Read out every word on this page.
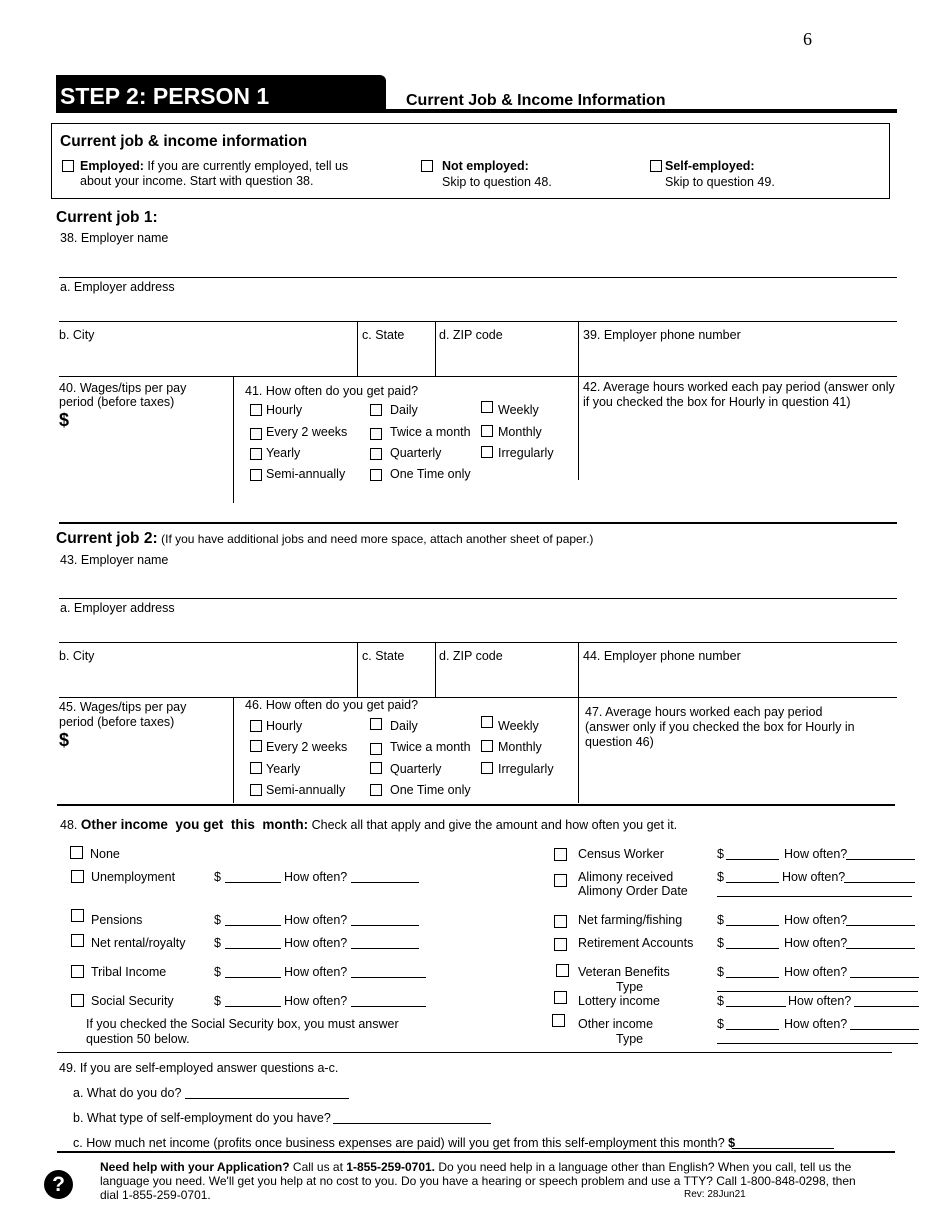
6
STEP 2: PERSON 1	Current Job & Income Information
Current job & income information
Employed: If you are currently employed, tell us
about your income. Start with question 38.
Not employed:
Skip to question 48.
Self-employed:
Skip to question 49.
Current job 1:
38. Employer name
a. Employer address
b. City	c. State	d. ZIP code	39. Employer phone number
40. Wages/tips per pay
period (before taxes)
$
41. How often do you get paid?
Hourly
Every 2 weeks
Yearly
Semi-annually
Daily
Twice a month
Quarterly
One Time only
Weekly
Monthly
Irregularly
42. Average hours worked each pay period (answer only
if you checked the box for Hourly in question 41)
Current job 2: (If you have additional jobs and need more space, attach another sheet of paper.)
43. Employer name
a. Employer address
b. City	c. State	d. ZIP code	44. Employer phone number
45. Wages/tips per pay
period (before taxes)
$
46. How often do you get paid?
Hourly
Every 2 weeks
Yearly
Semi-annually
Daily
Twice a month
Quarterly
One Time only
Weekly
Monthly
Irregularly
47. Average hours worked each pay period
(answer only if you checked the box for Hourly in
question 46)
48. Other income  you get  this  month: Check all that apply and give the amount and how often you get it.
None
Unemployment	$	How often?
Pensions	$	How often?
Net rental/royalty $	How often?
Tribal Income	$	How often?
Social Security	$	How often?
If you checked the Social Security box, you must answer
question 50 below.
Census Worker	$	How often?
Alimony received
Alimony Order Date
$	How often?
Net farming/fishing	$	How often?
Retirement Accounts $	How often?
Veteran Benefits
Type
$	How often?
Lottery income	$	How often?
Other income
Type
$	How often?
49. If you are self-employed answer questions a-c.
a. What do you do?
b. What type of self-employment do you have?
c. How much net income (profits once business expenses are paid) will you get from this self-employment this month? $
?
Need help with your Application? Call us at 1-855-259-0701. Do you need help in a language other than English? When you call, tell us the
language you need. We'll get you help at no cost to you. Do you have a hearing or speech problem and use a TTY? Call 1-800-848-0298, then
dial 1-855-259-0701.	Rev: 28Jun21
